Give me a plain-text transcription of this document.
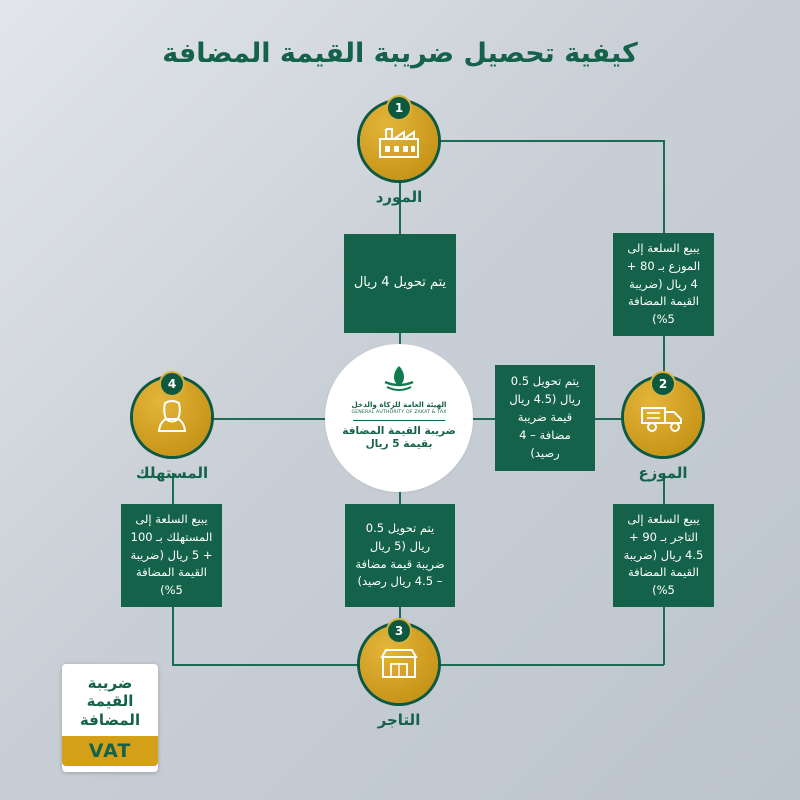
كيفية تحصيل ضريبة القيمة المضافة
1
المورد
2
الموزع
3
التاجر
4
المستهلك
الهيئة العامة للزكاة والدخل
GENERAL AUTHORITY OF ZAKAT & TAX
ضريبة القيمة المضافة
بقيمة 5 ريال
يبيع السلعة إلى الموزع بـ 80 + 4 ريال (ضريبة القيمة المضافة 5%)
يتم تحويل 4 ريال
يتم تحويل 0.5 ريال (4.5 ريال قيمة ضريبة مضافة – 4 رصيد)
يبيع السلعة إلى التاجر بـ 90 + 4.5 ريال (ضريبة القيمة المضافة 5%)
يتم تحويل 0.5 ريال (5 ريال ضريبة قيمة مضافة – 4.5 ريال رصيد)
يبيع السلعة إلى المستهلك بـ 100 + 5 ريال (ضريبة القيمة المضافة 5%)
ضريبة
القيمة
المضافة
VAT
